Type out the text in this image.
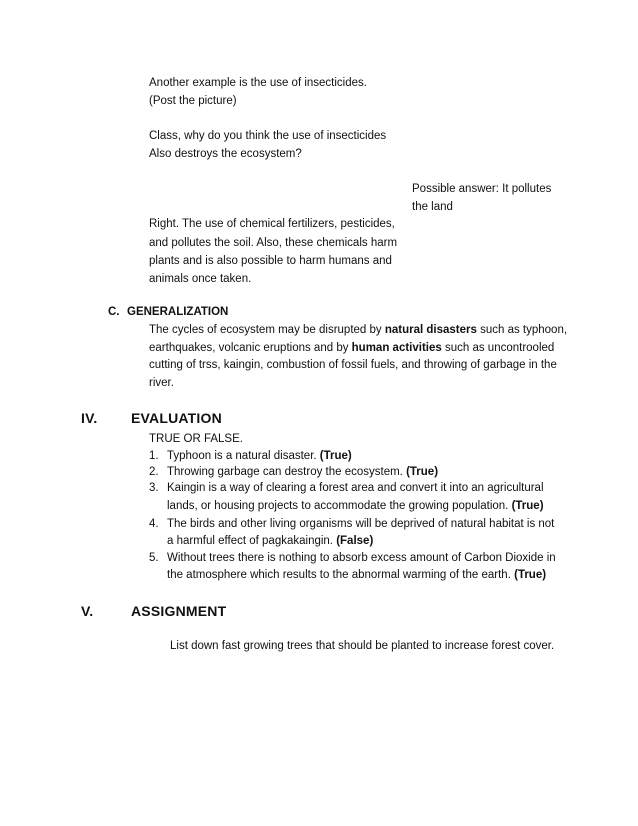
Another example is the use of insecticides.
(Post the picture)
Class, why do you think the use of insecticides
Also destroys the ecosystem?
Possible answer: It pollutes
the land
Right. The use of chemical fertilizers, pesticides,
and pollutes the soil. Also, these chemicals harm
plants and is also possible to harm humans and
animals once taken.
C. GENERALIZATION
The cycles of ecosystem may be disrupted by natural disasters such as typhoon,
earthquakes, volcanic eruptions and by human activities such as uncontrooled
cutting of trss, kaingin, combustion of fossil fuels, and throwing of garbage in the
river.
IV. EVALUATION
TRUE OR FALSE.
1. Typhoon is a natural disaster. (True)
2. Throwing garbage can destroy the ecosystem. (True)
3. Kaingin is a way of clearing a forest area and convert it into an agricultural
lands, or housing projects to accommodate the growing population. (True)
4. The birds and other living organisms will be deprived of natural habitat is not
a harmful effect of pagkakaingin. (False)
5. Without trees there is nothing to absorb excess amount of Carbon Dioxide in
the atmosphere which results to the abnormal warming of the earth. (True)
V.	ASSIGNMENT
List down fast growing trees that should be planted to increase forest cover.
